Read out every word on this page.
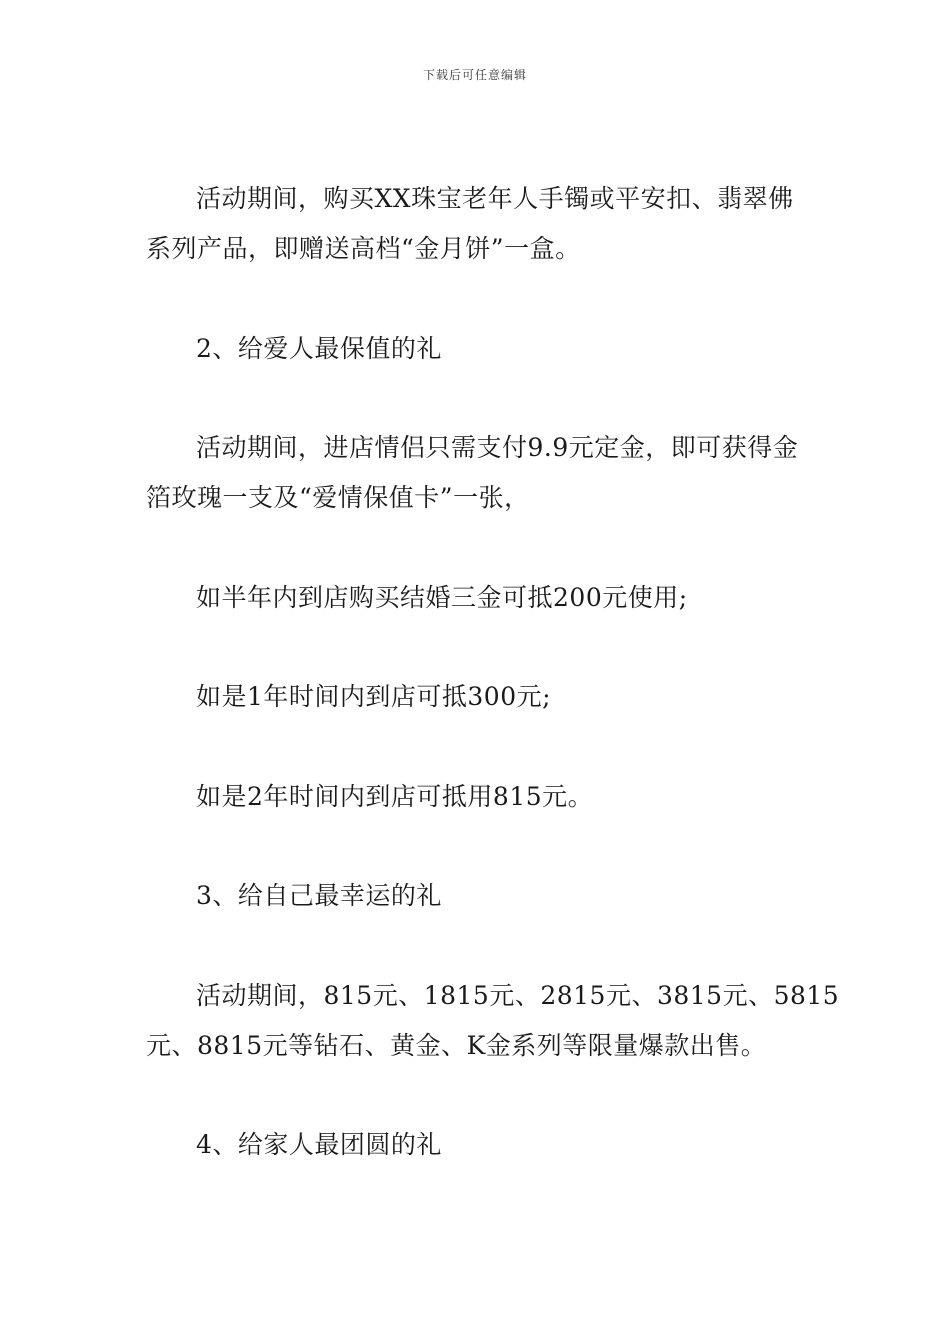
下载后可任意编辑
活动期间，购买XX珠宝老年人手镯或平安扣、翡翠佛
系列产品，即赠送高档“金月饼”一盒。
2、给爱人最保值的礼
活动期间，进店情侣只需支付9.9元定金，即可获得金
箔玫瑰一支及“爱情保值卡”一张，
如半年内到店购买结婚三金可抵200元使用;
如是1年时间内到店可抵300元;
如是2年时间内到店可抵用815元。
3、给自己最幸运的礼
活动期间，815元、1815元、2815元、3815元、5815
元、8815元等钻石、黄金、K金系列等限量爆款出售。
4、给家人最团圆的礼
